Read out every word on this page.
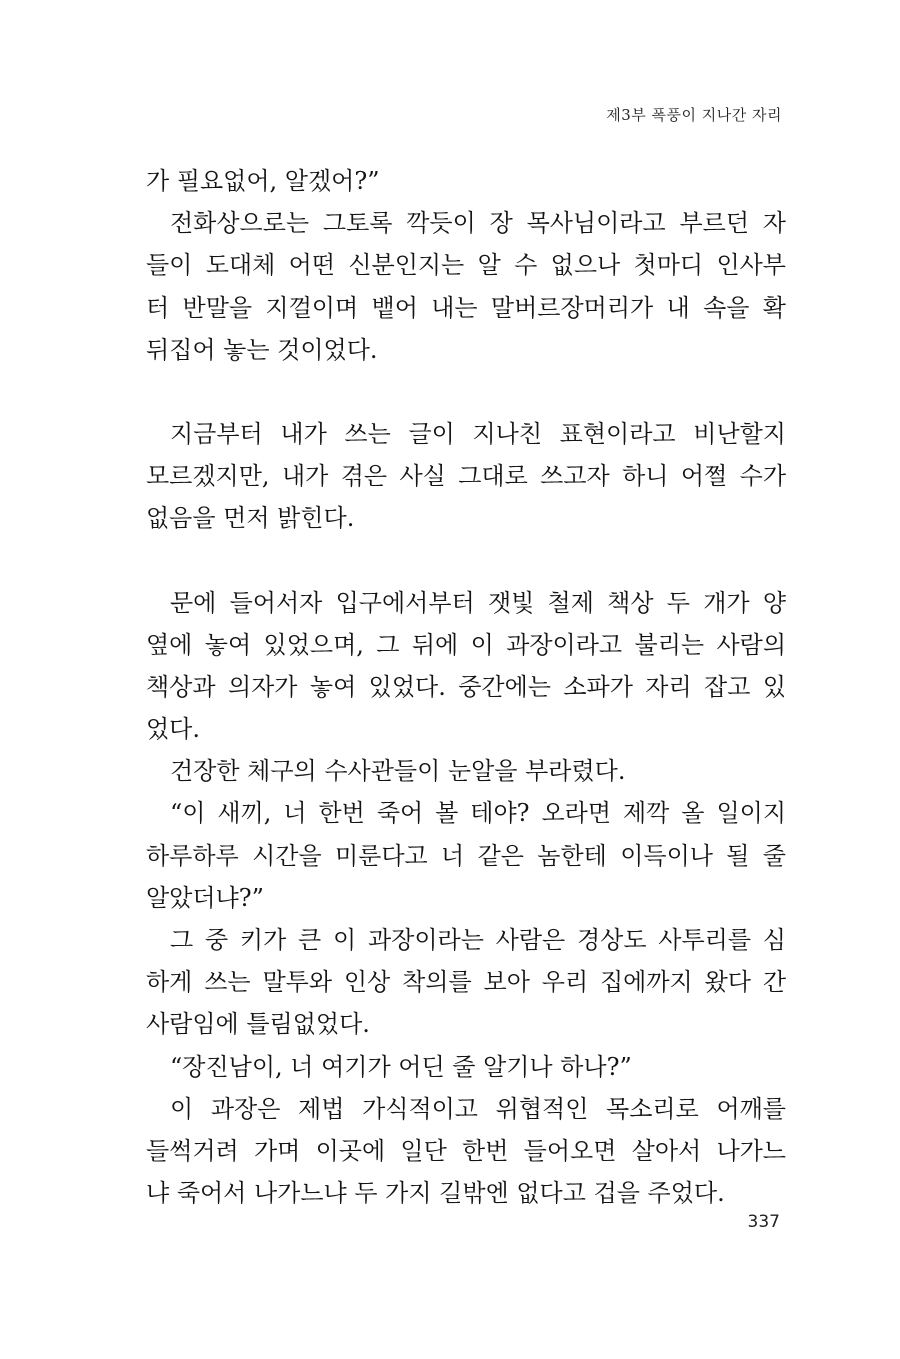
제3부 폭풍이 지나간 자리
가 필요없어, 알겠어?”
전화상으로는 그토록 깍듯이 장 목사님이라고 부르던 자
들이 도대체 어떤 신분인지는 알 수 없으나 첫마디 인사부
터 반말을 지껄이며 뱉어 내는 말버르장머리가 내 속을 확
뒤집어 놓는 것이었다.
지금부터 내가 쓰는 글이 지나친 표현이라고 비난할지
모르겠지만, 내가 겪은 사실 그대로 쓰고자 하니 어쩔 수가
없음을 먼저 밝힌다.
문에 들어서자 입구에서부터 잿빛 철제 책상 두 개가 양
옆에 놓여 있었으며, 그 뒤에 이 과장이라고 불리는 사람의
책상과 의자가 놓여 있었다. 중간에는 소파가 자리 잡고 있
었다.
건장한 체구의 수사관들이 눈알을 부라렸다.
“이 새끼, 너 한번 죽어 볼 테야? 오라면 제깍 올 일이지
하루하루 시간을 미룬다고 너 같은 놈한테 이득이나 될 줄
알았더냐?”
그 중 키가 큰 이 과장이라는 사람은 경상도 사투리를 심
하게 쓰는 말투와 인상 착의를 보아 우리 집에까지 왔다 간
사람임에 틀림없었다.
“장진남이, 너 여기가 어딘 줄 알기나 하나?”
이 과장은 제법 가식적이고 위협적인 목소리로 어깨를
들썩거려 가며 이곳에 일단 한번 들어오면 살아서 나가느
냐 죽어서 나가느냐 두 가지 길밖엔 없다고 겁을 주었다.
337
